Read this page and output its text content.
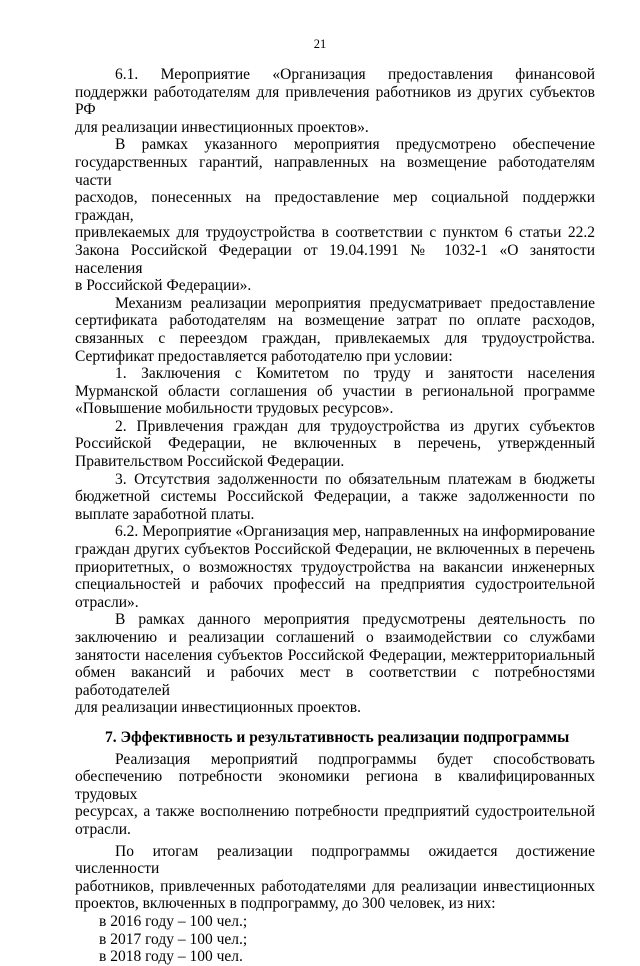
21

6.1. Мероприятие «Организация предоставления финансовой

поддержки работодателям для привлечения работников из других субъектов РФ

для реализации инвестиционных проектов».

В рамках указанного мероприятия предусмотрено обеспечение

государственных гарантий, направленных на возмещение работодателям части

расходов, понесенных на предоставление мер социальной поддержки граждан,

привлекаемых для трудоустройства в соответствии с пунктом 6 статьи 22.2

Закона Российской Федерации от 19.04.1991 № 1032-1 «О занятости населения

в Российской Федерации».

Механизм реализации мероприятия предусматривает предоставление

сертификата работодателям на возмещение затрат по оплате расходов,

связанных с переездом граждан, привлекаемых для трудоустройства.

Сертификат предоставляется работодателю при условии:

1. Заключения с Комитетом по труду и занятости населения

Мурманской области соглашения об участии в региональной программе

«Повышение мобильности трудовых ресурсов».

2. Привлечения граждан для трудоустройства из других субъектов

Российской Федерации, не включенных в перечень, утвержденный

Правительством Российской Федерации.

3. Отсутствия задолженности по обязательным платежам в бюджеты

бюджетной системы Российской Федерации, а также задолженности по

выплате заработной платы.

6.2. Мероприятие «Организация мер, направленных на информирование

граждан других субъектов Российской Федерации, не включенных в перечень

приоритетных, о возможностях трудоустройства на вакансии инженерных

специальностей и рабочих профессий на предприятия судостроительной

отрасли».

В рамках данного мероприятия предусмотрены деятельность по

заключению и реализации соглашений о взаимодействии со службами

занятости населения субъектов Российской Федерации, межтерриториальный

обмен вакансий и рабочих мест в соответствии с потребностями работодателей

для реализации инвестиционных проектов.

7. Эффективность и результативность реализации подпрограммы

Реализация мероприятий подпрограммы будет способствовать

обеспечению потребности экономики региона в квалифицированных трудовых

ресурсах, а также восполнению потребности предприятий судостроительной

отрасли.

По итогам реализации подпрограммы ожидается достижение численности

работников, привлеченных работодателями для реализации инвестиционных

проектов, включенных в подпрограмму, до 300 человек, из них:

в 2016 году – 100 чел.;

в 2017 году – 100 чел.;

в 2018 году – 100 чел.
